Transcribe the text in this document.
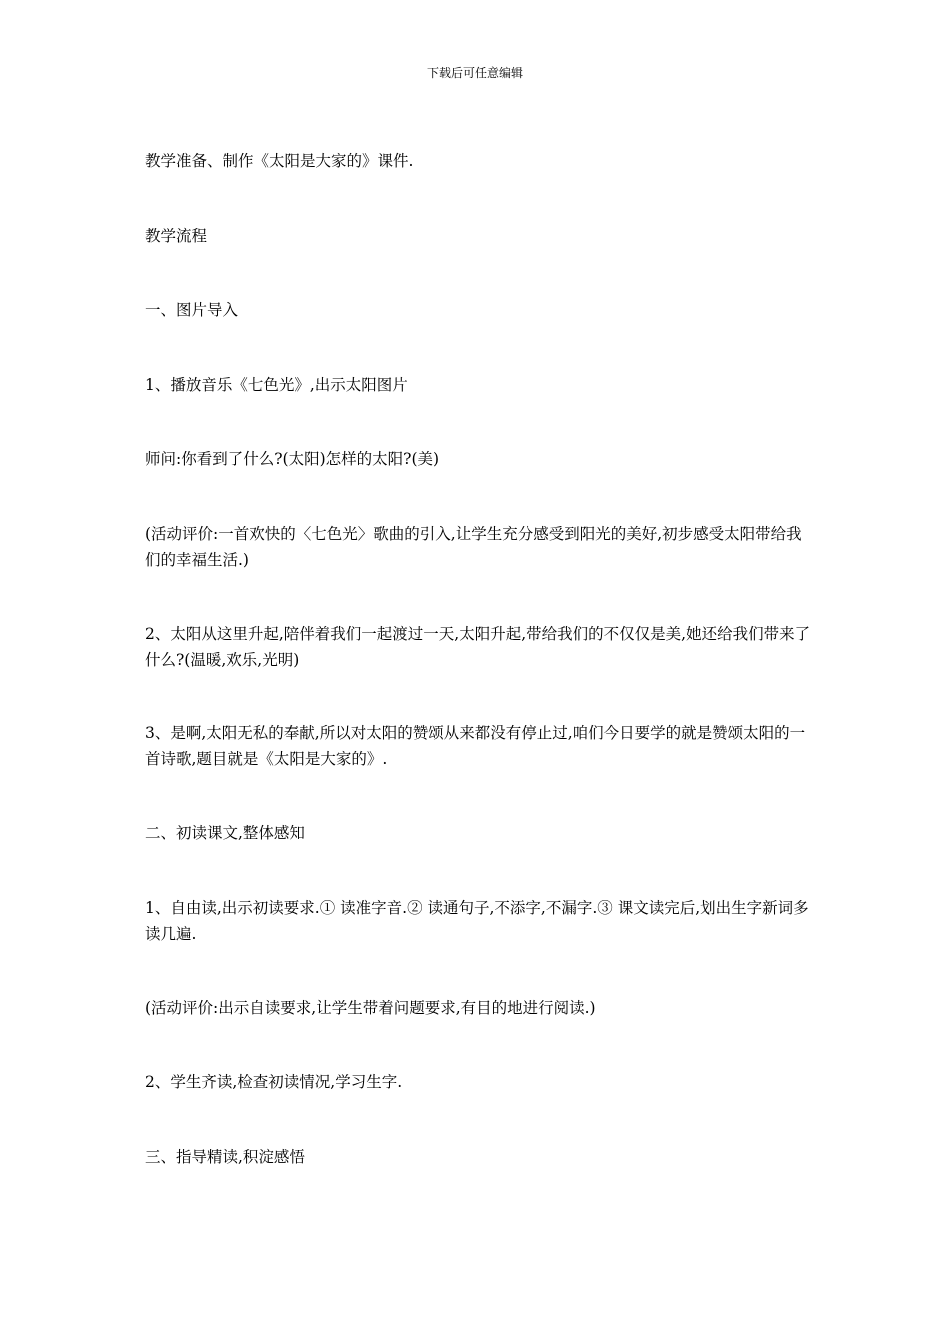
下载后可任意编辑
教学准备、制作《太阳是大家的》课件.
教学流程
一、图片导入
1、播放音乐《七色光》,出示太阳图片
师问:你看到了什么?(太阳)怎样的太阳?(美)
(活动评价:一首欢快的〈七色光〉歌曲的引入,让学生充分感受到阳光的美好,初步感受太阳带给我们的幸福生活.)
2、太阳从这里升起,陪伴着我们一起渡过一天,太阳升起,带给我们的不仅仅是美,她还给我们带来了什么?(温暖,欢乐,光明)
3、是啊,太阳无私的奉献,所以对太阳的赞颂从来都没有停止过,咱们今日要学的就是赞颂太阳的一首诗歌,题目就是《太阳是大家的》.
二、初读课文,整体感知
1、自由读,出示初读要求.① 读准字音.② 读通句子,不添字,不漏字.③ 课文读完后,划出生字新词多读几遍.
(活动评价:出示自读要求,让学生带着问题要求,有目的地进行阅读.)
2、学生齐读,检查初读情况,学习生字.
三、指导精读,积淀感悟
